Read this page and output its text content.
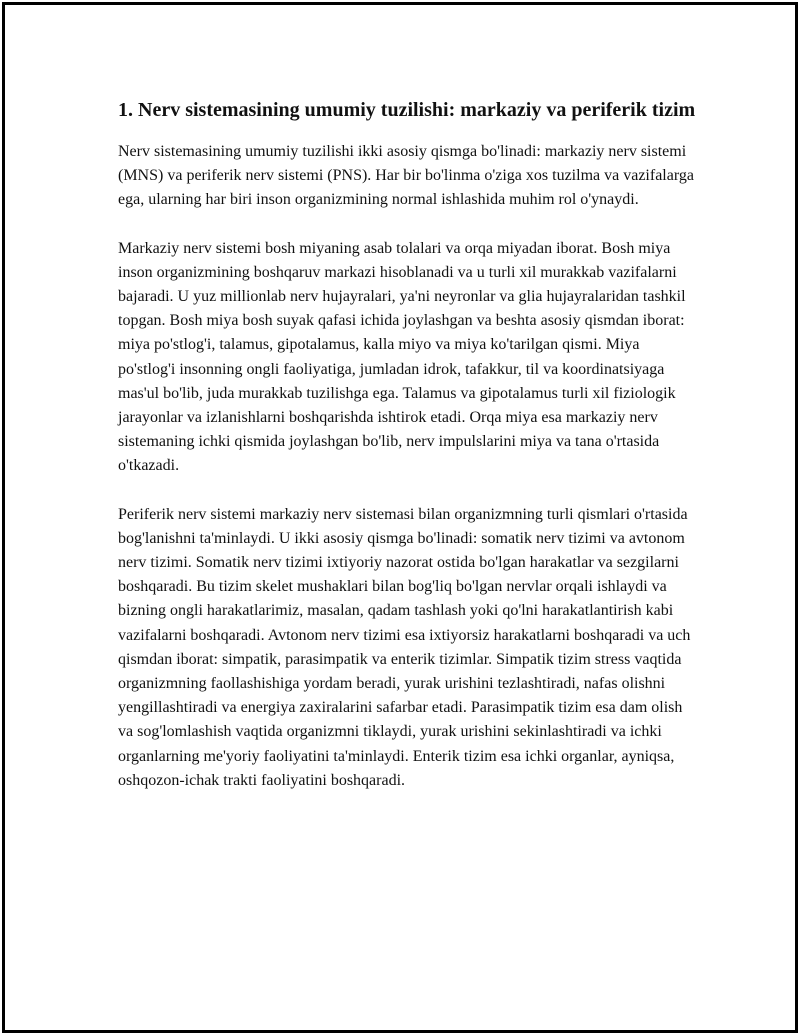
1. Nerv sistemasining umumiy tuzilishi: markaziy va periferik tizim

Nerv sistemasining umumiy tuzilishi ikki asosiy qismga bo'linadi: markaziy nerv sistemi (MNS) va periferik nerv sistemi (PNS). Har bir bo'linma o'ziga xos tuzilma va vazifalarga ega, ularning har biri inson organizmining normal ishlashida muhim rol o'ynaydi.

Markaziy nerv sistemi bosh miyaning asab tolalari va orqa miyadan iborat. Bosh miya inson organizmining boshqaruv markazi hisoblanadi va u turli xil murakkab vazifalarni bajaradi. U yuz millionlab nerv hujayralari, ya'ni neyronlar va glia hujayralaridan tashkil topgan. Bosh miya bosh suyak qafasi ichida joylashgan va beshta asosiy qismdan iborat: miya po'stlog'i, talamus, gipotalamus, kalla miyo va miya ko'tarilgan qismi. Miya po'stlog'i insonning ongli faoliyatiga, jumladan idrok, tafakkur, til va koordinatsiyaga mas'ul bo'lib, juda murakkab tuzilishga ega. Talamus va gipotalamus turli xil fiziologik jarayonlar va izlanishlarni boshqarishda ishtirok etadi. Orqa miya esa markaziy nerv sistemaning ichki qismida joylashgan bo'lib, nerv impulslarini miya va tana o'rtasida o'tkazadi.

Periferik nerv sistemi markaziy nerv sistemasi bilan organizmning turli qismlari o'rtasida bog'lanishni ta'minlaydi. U ikki asosiy qismga bo'linadi: somatik nerv tizimi va avtonom nerv tizimi. Somatik nerv tizimi ixtiyoriy nazorat ostida bo'lgan harakatlar va sezgilarni boshqaradi. Bu tizim skelet mushaklari bilan bog'liq bo'lgan nervlar orqali ishlaydi va bizning ongli harakatlarimiz, masalan, qadam tashlash yoki qo'lni harakatlantirish kabi vazifalarni boshqaradi. Avtonom nerv tizimi esa ixtiyorsiz harakatlarni boshqaradi va uch qismdan iborat: simpatik, parasimpatik va enterik tizimlar. Simpatik tizim stress vaqtida organizmning faollashishiga yordam beradi, yurak urishini tezlashtiradi, nafas olishni yengillashtiradi va energiya zaxiralarini safarbar etadi. Parasimpatik tizim esa dam olish va sog'lomlashish vaqtida organizmni tiklaydi, yurak urishini sekinlashtiradi va ichki organlarning me'yoriy faoliyatini ta'minlaydi. Enterik tizim esa ichki organlar, ayniqsa, oshqozon-ichak trakti faoliyatini boshqaradi.
